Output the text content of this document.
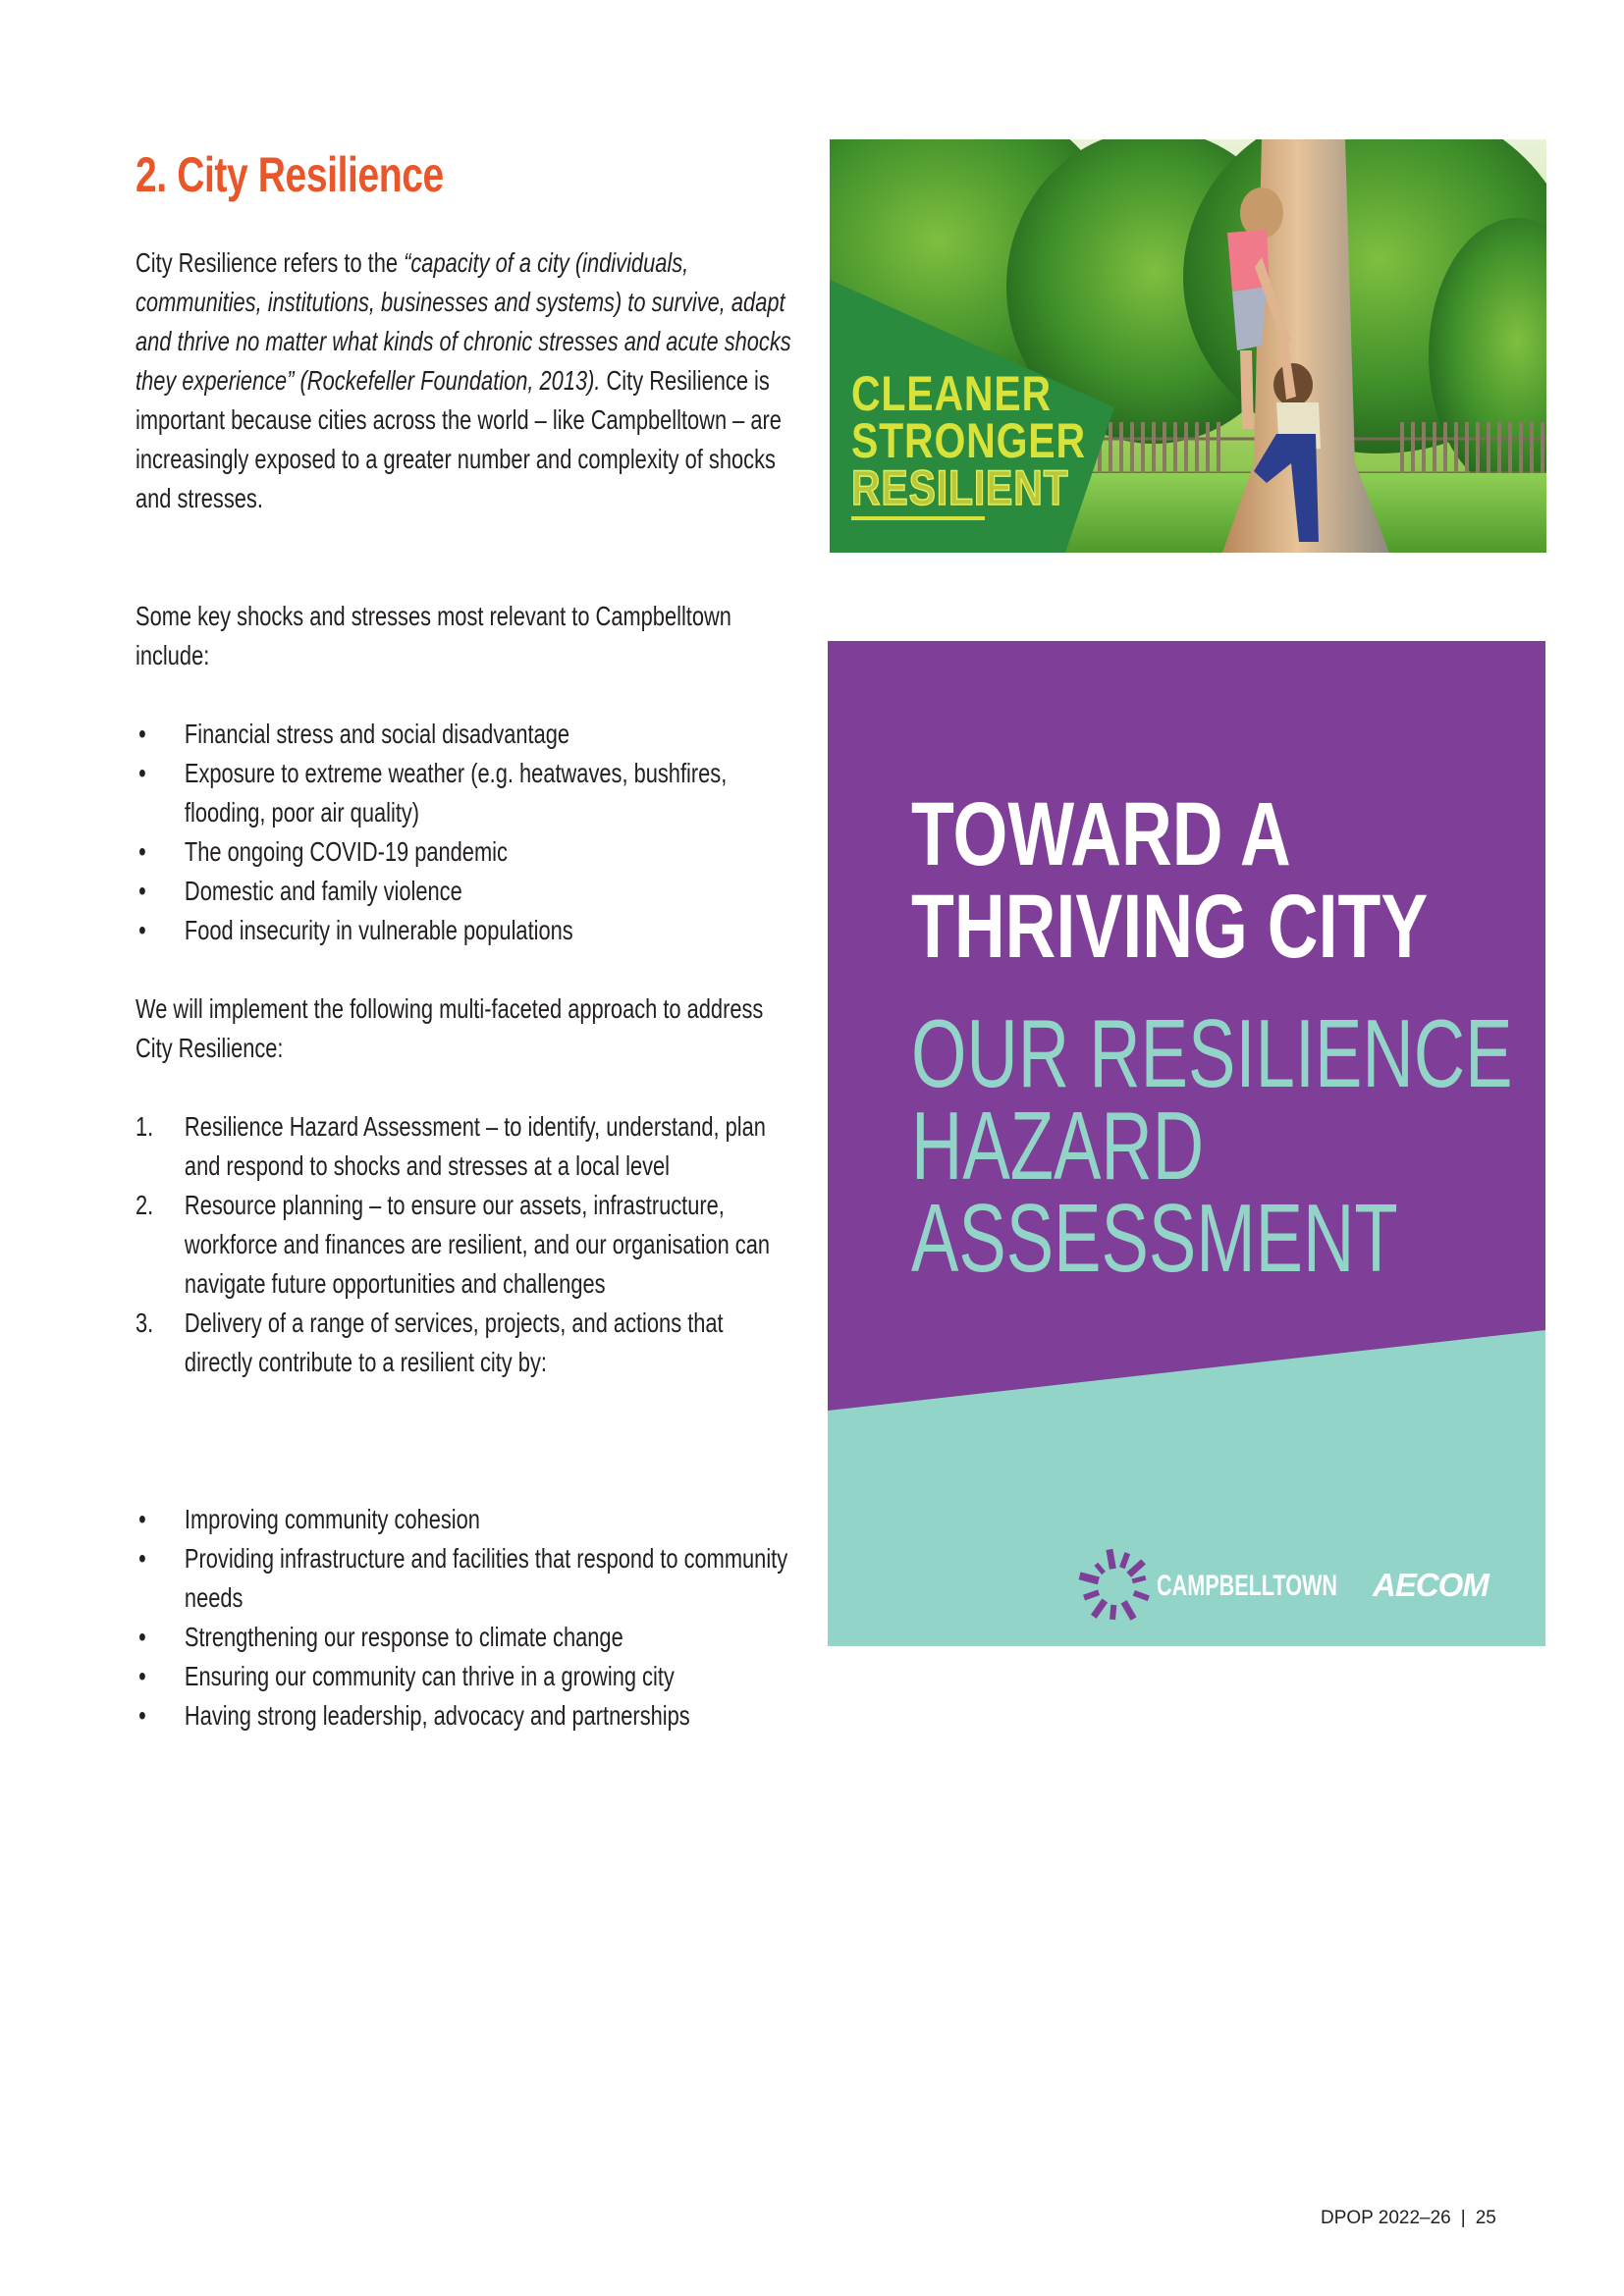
2. City Resilience

City Resilience refers to the “capacity of a city (individuals, communities, institutions, businesses and systems) to survive, adapt and thrive no matter what kinds of chronic stresses and acute shocks they experience” (Rockefeller Foundation, 2013). City Resilience is important because cities across the world – like Campbelltown – are increasingly exposed to a greater number and complexity of shocks and stresses.

Some key shocks and stresses most relevant to Campbelltown include:

• Financial stress and social disadvantage
• Exposure to extreme weather (e.g. heatwaves, bushfires, flooding, poor air quality)
• The ongoing COVID-19 pandemic
• Domestic and family violence
• Food insecurity in vulnerable populations

We will implement the following multi-faceted approach to address City Resilience:

1. Resilience Hazard Assessment – to identify, understand, plan and respond to shocks and stresses at a local level
2. Resource planning – to ensure our assets, infrastructure, workforce and finances are resilient, and our organisation can navigate future opportunities and challenges
3. Delivery of a range of services, projects, and actions that directly contribute to a resilient city by:
• Improving community cohesion
• Providing infrastructure and facilities that respond to community needs
• Strengthening our response to climate change
• Ensuring our community can thrive in a growing city
• Having strong leadership, advocacy and partnerships
CLEANER
STRONGER
RESILIENT
TOWARD A
THRIVING CITY
OUR RESILIENCE
HAZARD
ASSESSMENT
CAMPBELLTOWN AECOM
DPOP 2022–26 | 25
